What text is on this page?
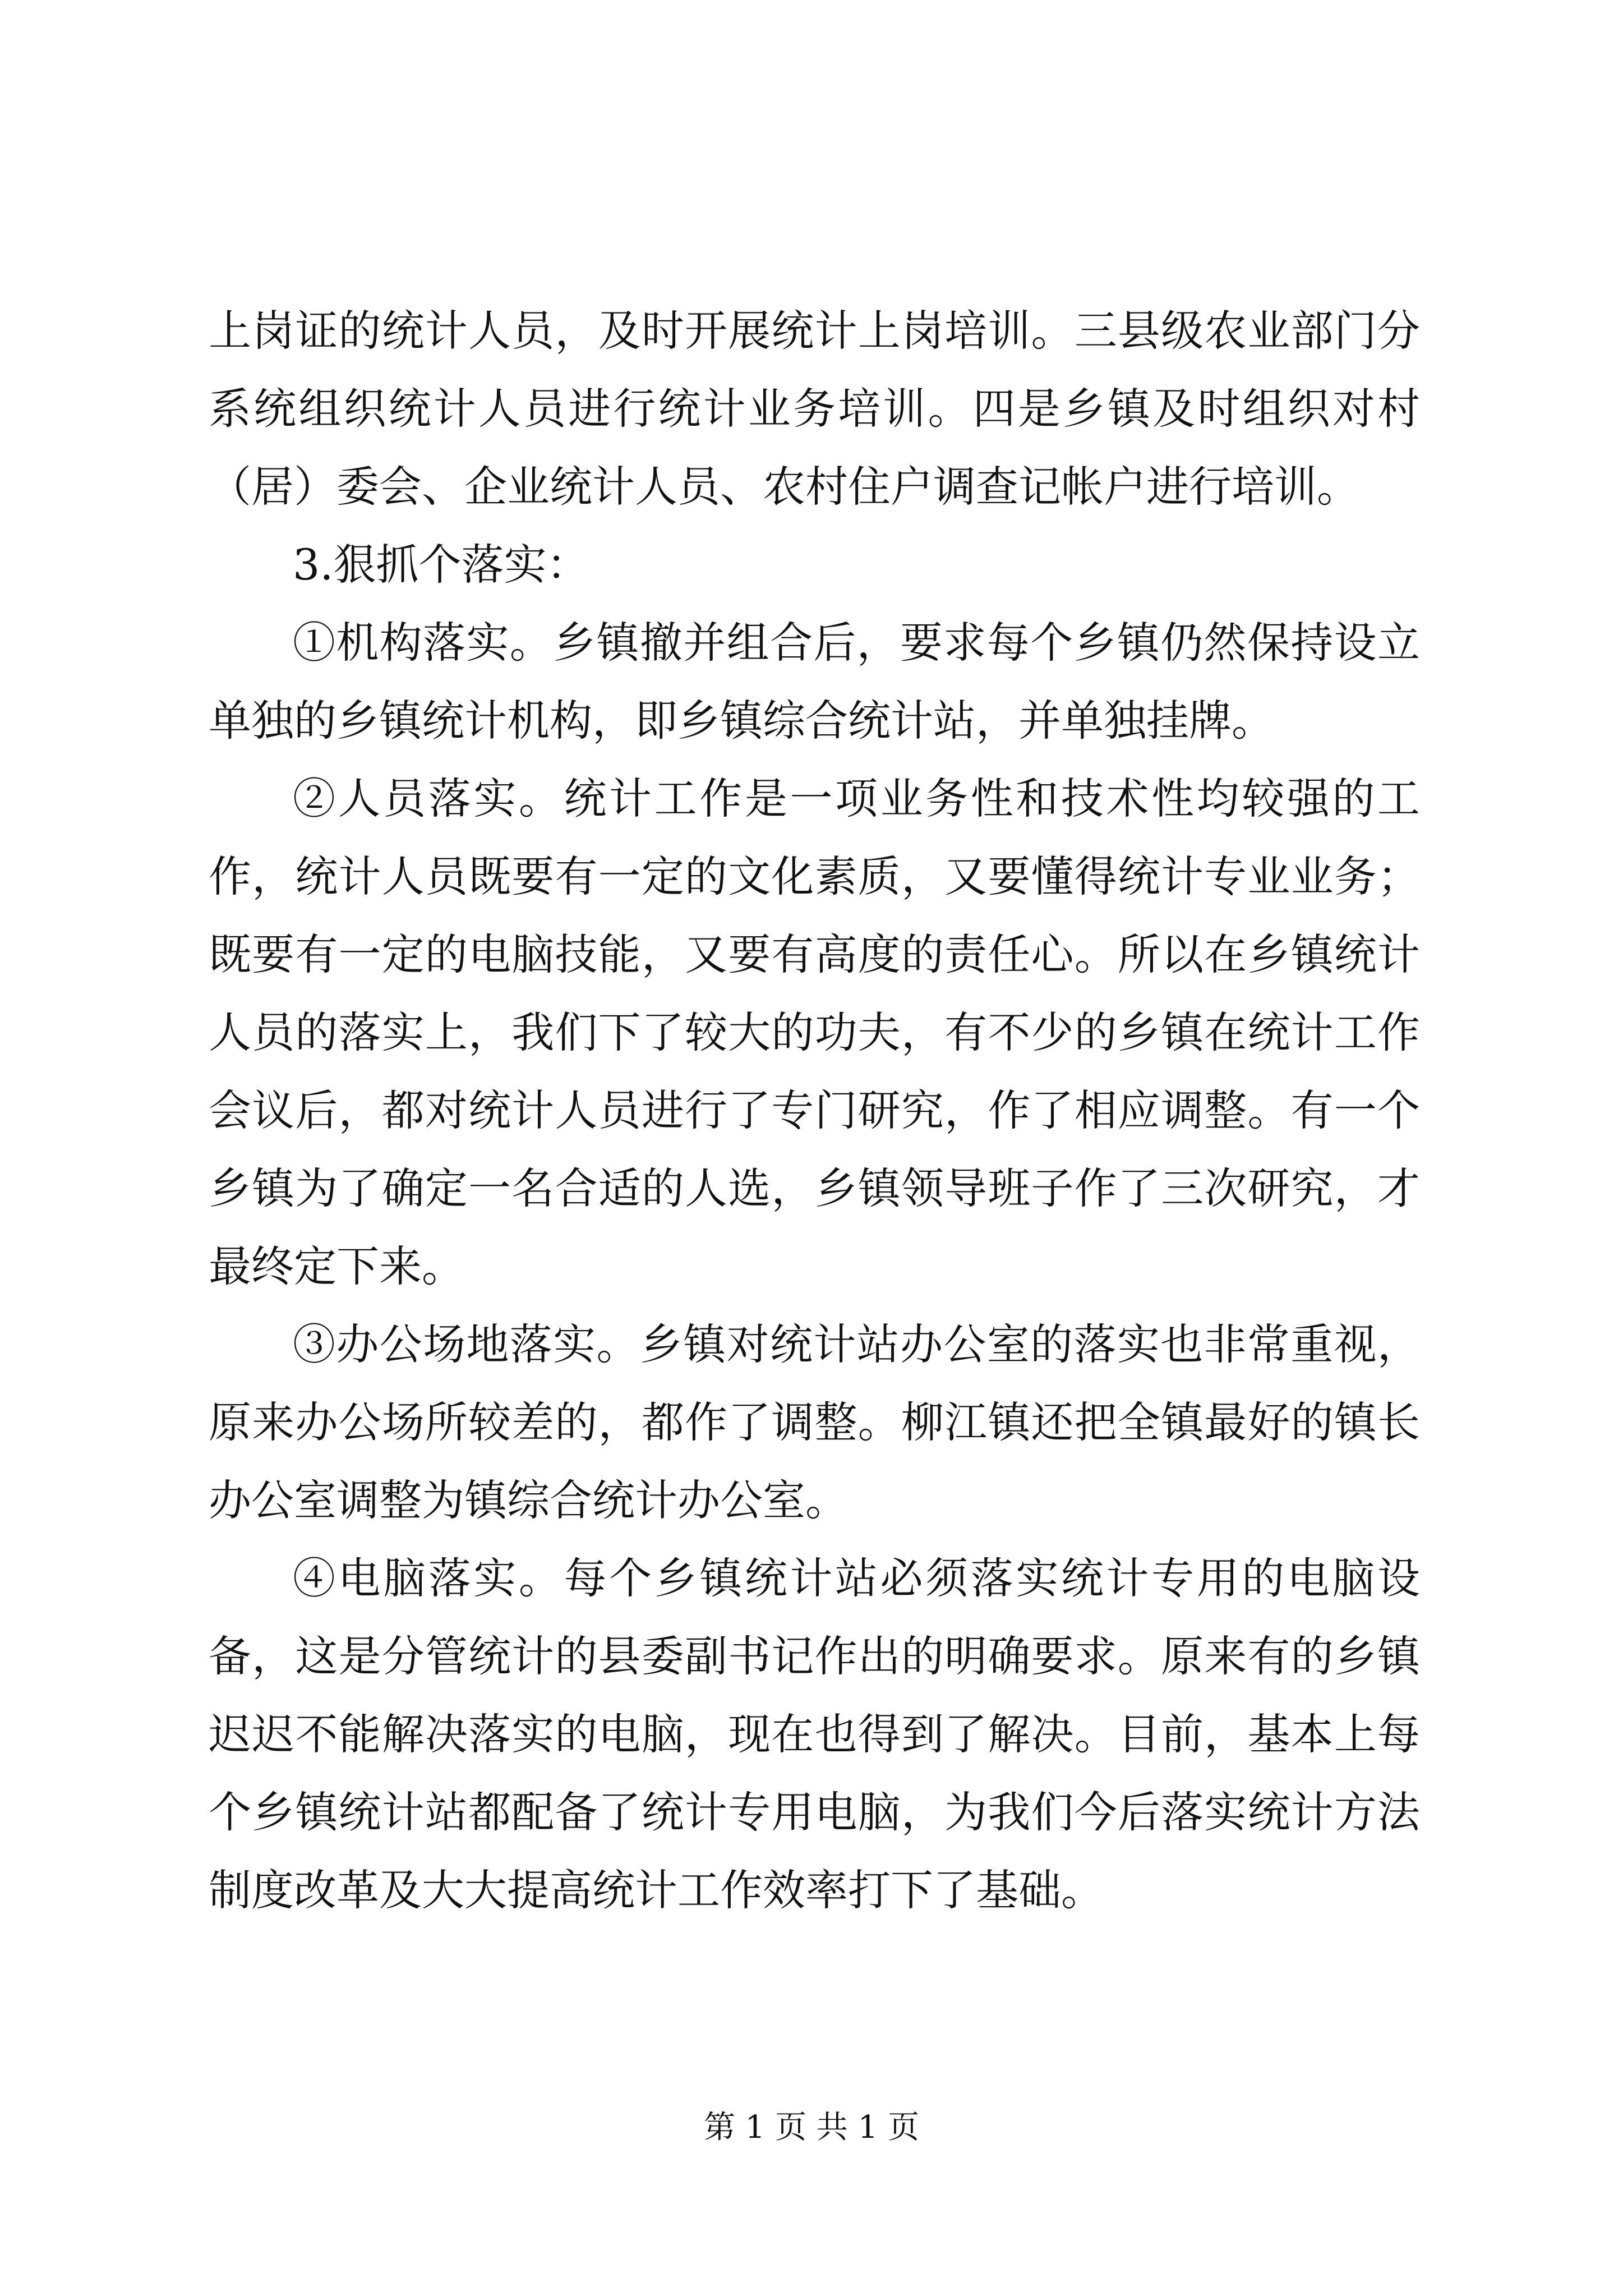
上岗证的统计人员，及时开展统计上岗培训。三县级农业部门分系统组织统计人员进行统计业务培训。四是乡镇及时组织对村（居）委会、企业统计人员、农村住户调查记帐户进行培训。

3.狠抓个落实：

①机构落实。乡镇撤并组合后，要求每个乡镇仍然保持设立单独的乡镇统计机构，即乡镇综合统计站，并单独挂牌。

②人员落实。统计工作是一项业务性和技术性均较强的工作，统计人员既要有一定的文化素质，又要懂得统计专业业务；既要有一定的电脑技能，又要有高度的责任心。所以在乡镇统计人员的落实上，我们下了较大的功夫，有不少的乡镇在统计工作会议后，都对统计人员进行了专门研究，作了相应调整。有一个乡镇为了确定一名合适的人选，乡镇领导班子作了三次研究，才最终定下来。

③办公场地落实。乡镇对统计站办公室的落实也非常重视，原来办公场所较差的，都作了调整。柳江镇还把全镇最好的镇长办公室调整为镇综合统计办公室。

④电脑落实。每个乡镇统计站必须落实统计专用的电脑设备，这是分管统计的县委副书记作出的明确要求。原来有的乡镇迟迟不能解决落实的电脑，现在也得到了解决。目前，基本上每个乡镇统计站都配备了统计专用电脑，为我们今后落实统计方法制度改革及大大提高统计工作效率打下了基础。

第 1 页 共 1 页
